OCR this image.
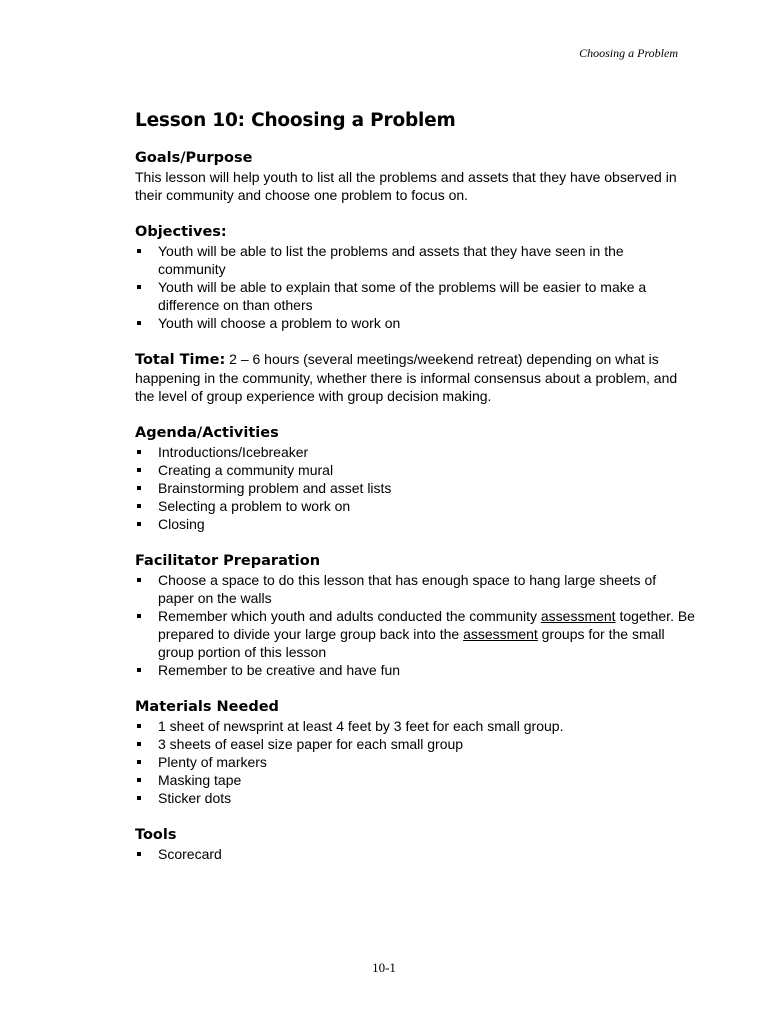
Choosing a Problem
Lesson 10: Choosing a Problem
Goals/Purpose

This lesson will help youth to list all the problems and assets that they have observed in their community and choose one problem to focus on.

Objectives:
Youth will be able to list the problems and assets that they have seen in the community
Youth will be able to explain that some of the problems will be easier to make a difference on than others
Youth will choose a problem to work on

Total Time: 2 – 6 hours (several meetings/weekend retreat) depending on what is happening in the community, whether there is informal consensus about a problem, and the level of group experience with group decision making.

Agenda/Activities
Introductions/Icebreaker
Creating a community mural
Brainstorming problem and asset lists
Selecting a problem to work on
Closing
Facilitator Preparation
Choose a space to do this lesson that has enough space to hang large sheets of paper on the walls
Remember which youth and adults conducted the community assessment together. Be prepared to divide your large group back into the assessment groups for the small group portion of this lesson
Remember to be creative and have fun
Materials Needed
1 sheet of newsprint at least 4 feet by 3 feet for each small group.
3 sheets of easel size paper for each small group
Plenty of markers
Masking tape
Sticker dots
Tools
Scorecard
10-1
